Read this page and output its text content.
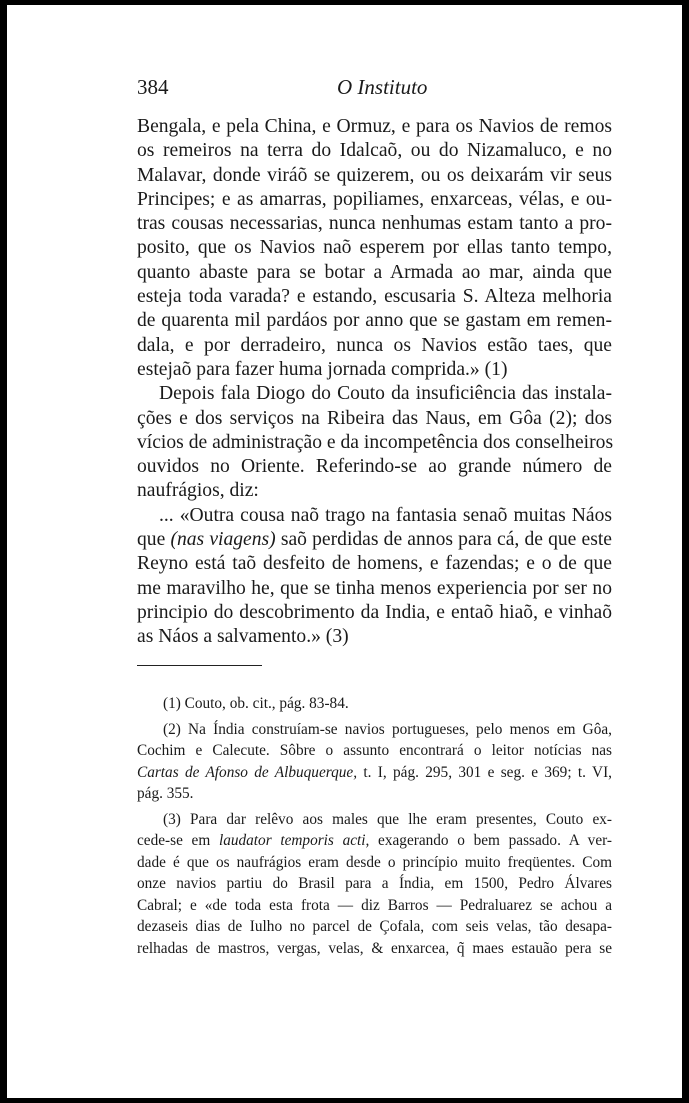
384	O Instituto

Bengala, e pela China, e Ormuz, e para os Navios de remos
os remeiros na terra do Idalcaõ, ou do Nizamaluco, e no
Malavar, donde viráõ se quizerem, ou os deixarám vir seus
Principes; e as amarras, popiliames, enxarceas, vélas, e ou-
tras cousas necessarias, nunca nenhumas estam tanto a pro-
posito, que os Navios naõ esperem por ellas tanto tempo,
quanto abaste para se botar a Armada ao mar, ainda que
esteja toda varada? e estando, escusaria S. Alteza melhoria
de quarenta mil pardáos por anno que se gastam em remen-
dala, e por derradeiro, nunca os Navios estão taes, que
estejaõ para fazer huma jornada comprida.» (1)

Depois fala Diogo do Couto da insuficiência das instala-
ções e dos serviços na Ribeira das Naus, em Gôa (2); dos
vícios de administração e da incompetência dos conselheiros
ouvidos no Oriente. Referindo-se ao grande número de
naufrágios, diz:

... «Outra cousa naõ trago na fantasia senaõ muitas Náos
que (nas viagens) saõ perdidas de annos para cá, de que este
Reyno está taõ desfeito de homens, e fazendas; e o de que
me maravilho he, que se tinha menos experiencia por ser no
principio do descobrimento da India, e entaõ hiaõ, e vinhaõ
as Náos a salvamento.» (3)

(1) Couto, ob. cit., pág. 83-84.

(2) Na Índia construíam-se navios portugueses, pelo menos em Gôa,
Cochim e Calecute. Sôbre o assunto encontrará o leitor notícias nas
Cartas de Afonso de Albuquerque, t. I, pág. 295, 301 e seg. e 369; t. VI,
pág. 355.

(3) Para dar relêvo aos males que lhe eram presentes, Couto ex-
cede-se em laudator temporis acti, exagerando o bem passado. A ver-
dade é que os naufrágios eram desde o princípio muito freqüentes. Com
onze navios partiu do Brasil para a Índia, em 1500, Pedro Álvares
Cabral; e «de toda esta frota — diz Barros — Pedraluarez se achou a
dezaseis dias de Iulho no parcel de Çofala, com seis velas, tão desapa-
relhadas de mastros, vergas, velas, & enxarcea, q̃ maes estauão pera se
